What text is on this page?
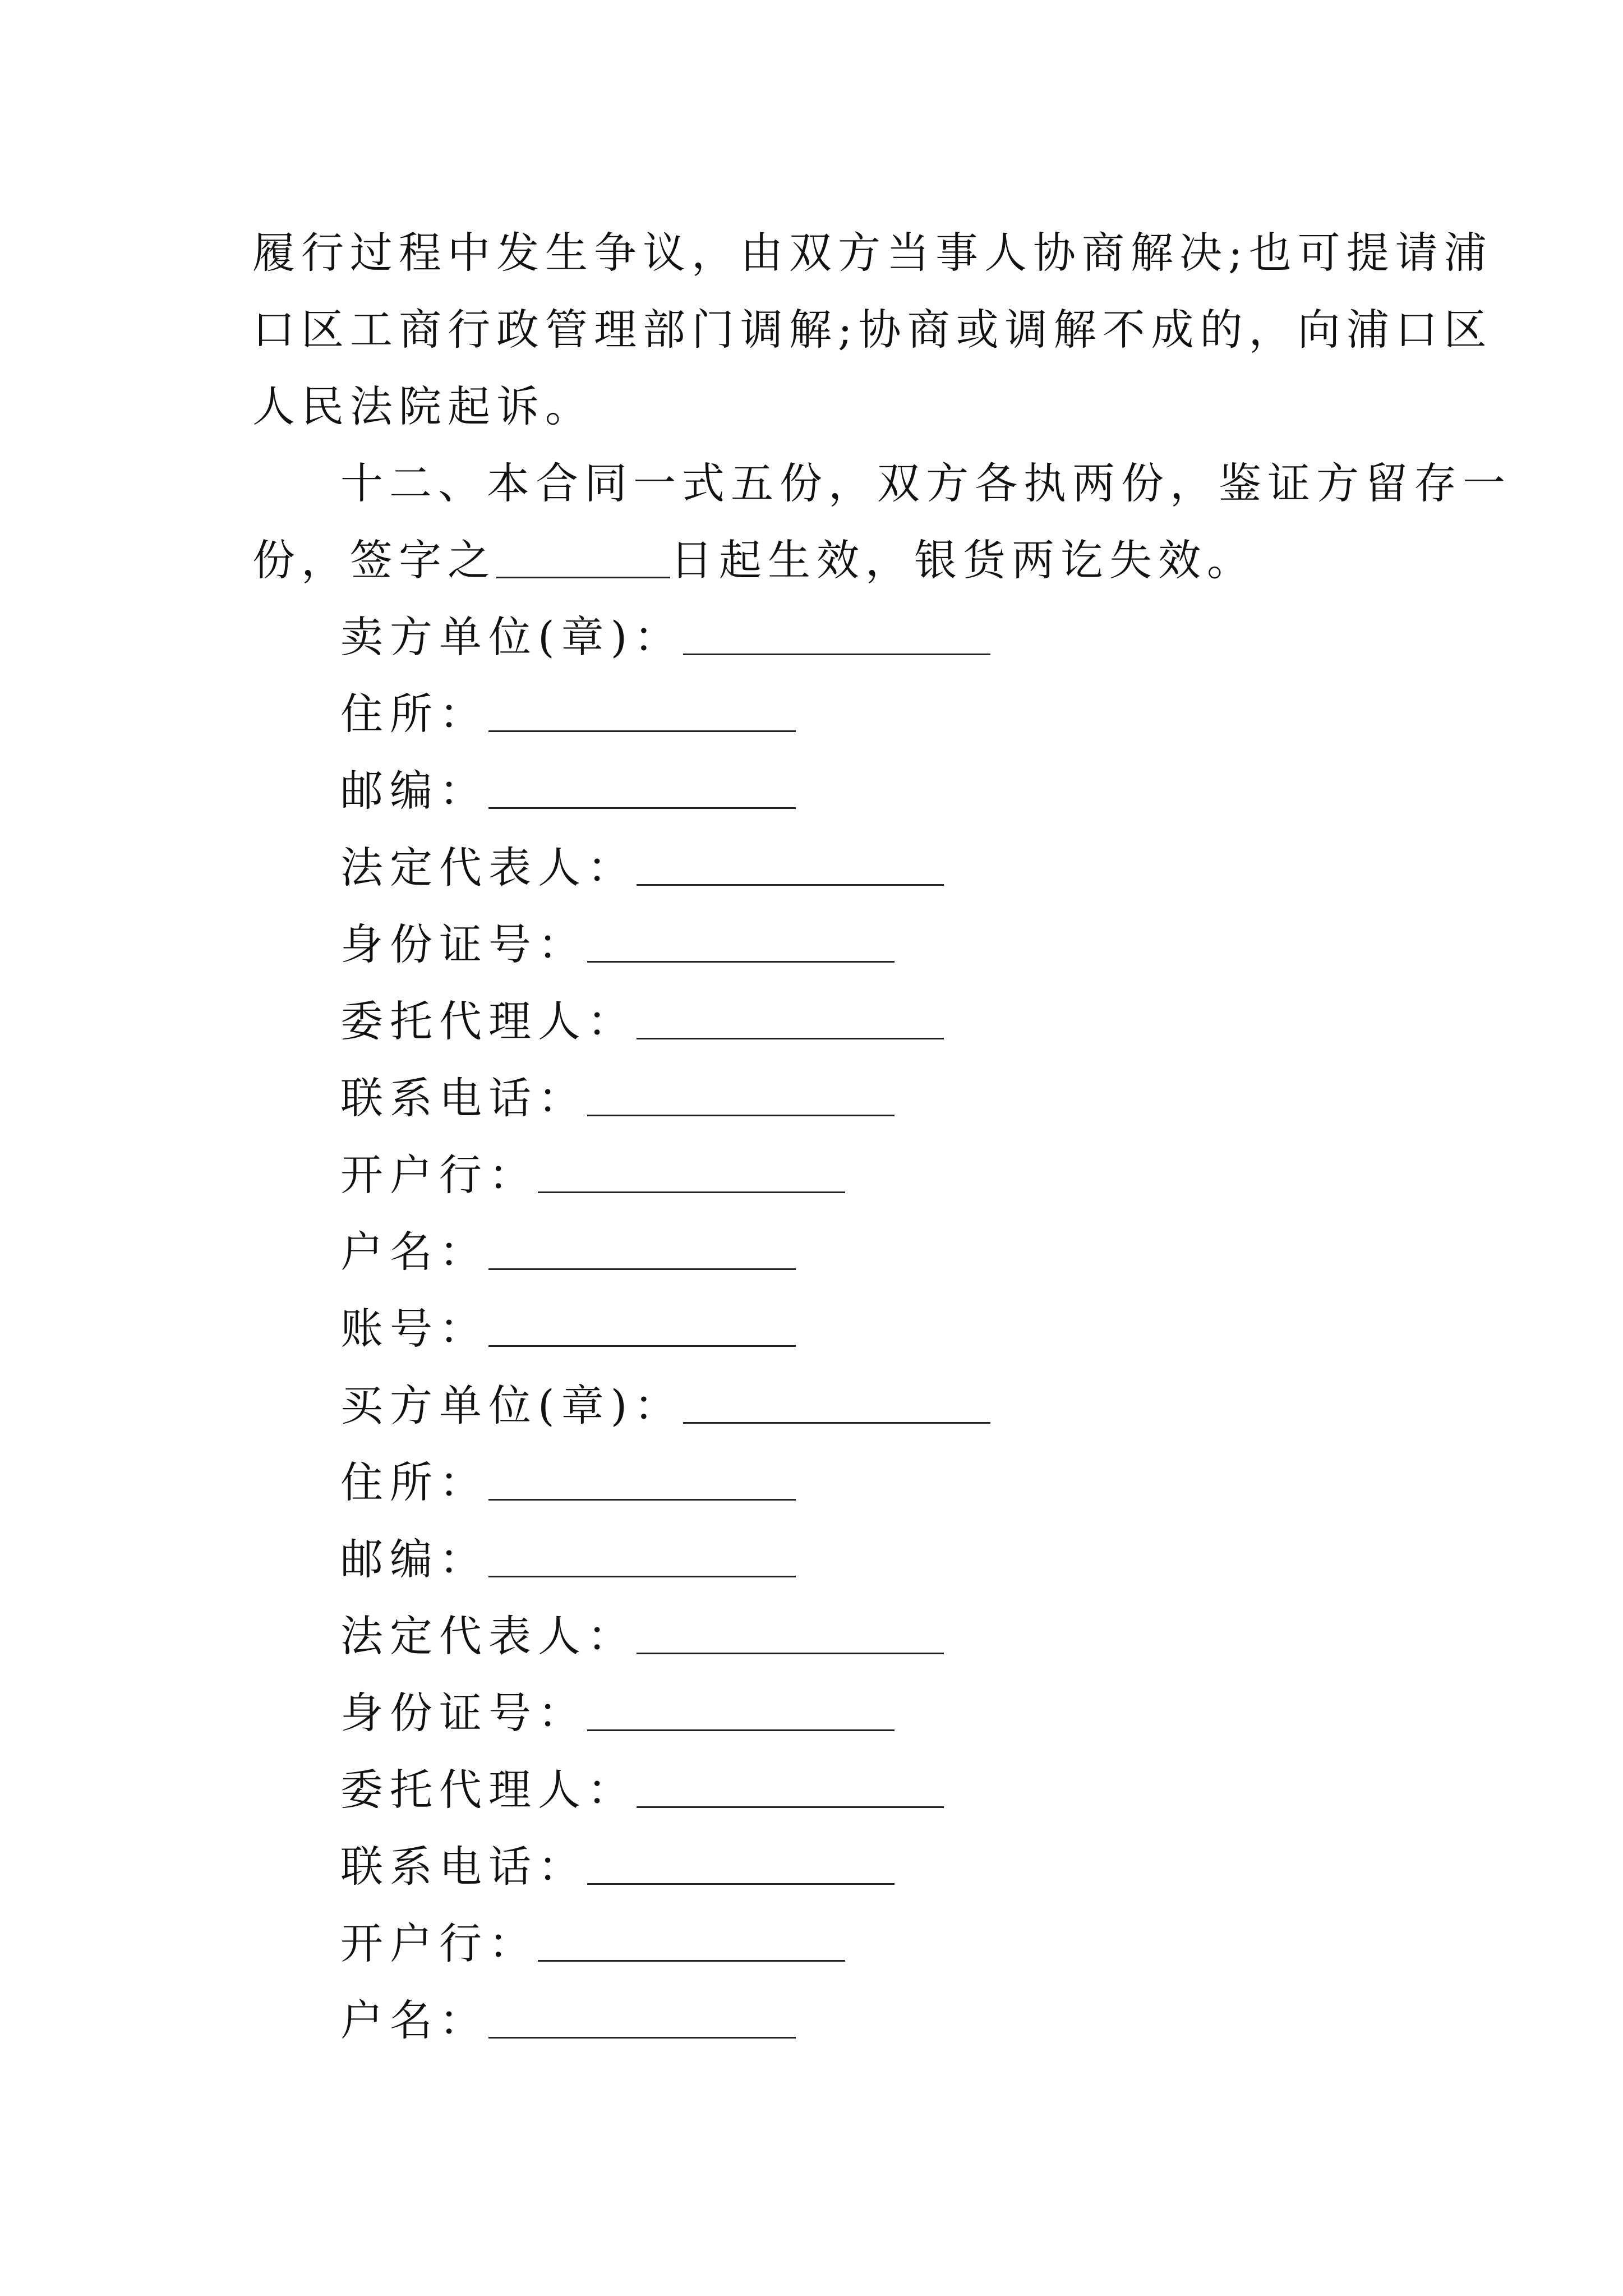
履行过程中发生争议，由双方当事人协商解决;也可提请浦
口区工商行政管理部门调解;协商或调解不成的，向浦口区
人民法院起诉。
十二、本合同一式五份，双方各执两份，鉴证方留存一
份，签字之	日起生效，银货两讫失效。
卖方单位(章)：
住所：
邮编：
法定代表人：
身份证号：
委托代理人：
联系电话：
开户行：
户名：
账号：
买方单位(章)：
住所：
邮编：
法定代表人：
身份证号：
委托代理人：
联系电话：
开户行：
户名：
